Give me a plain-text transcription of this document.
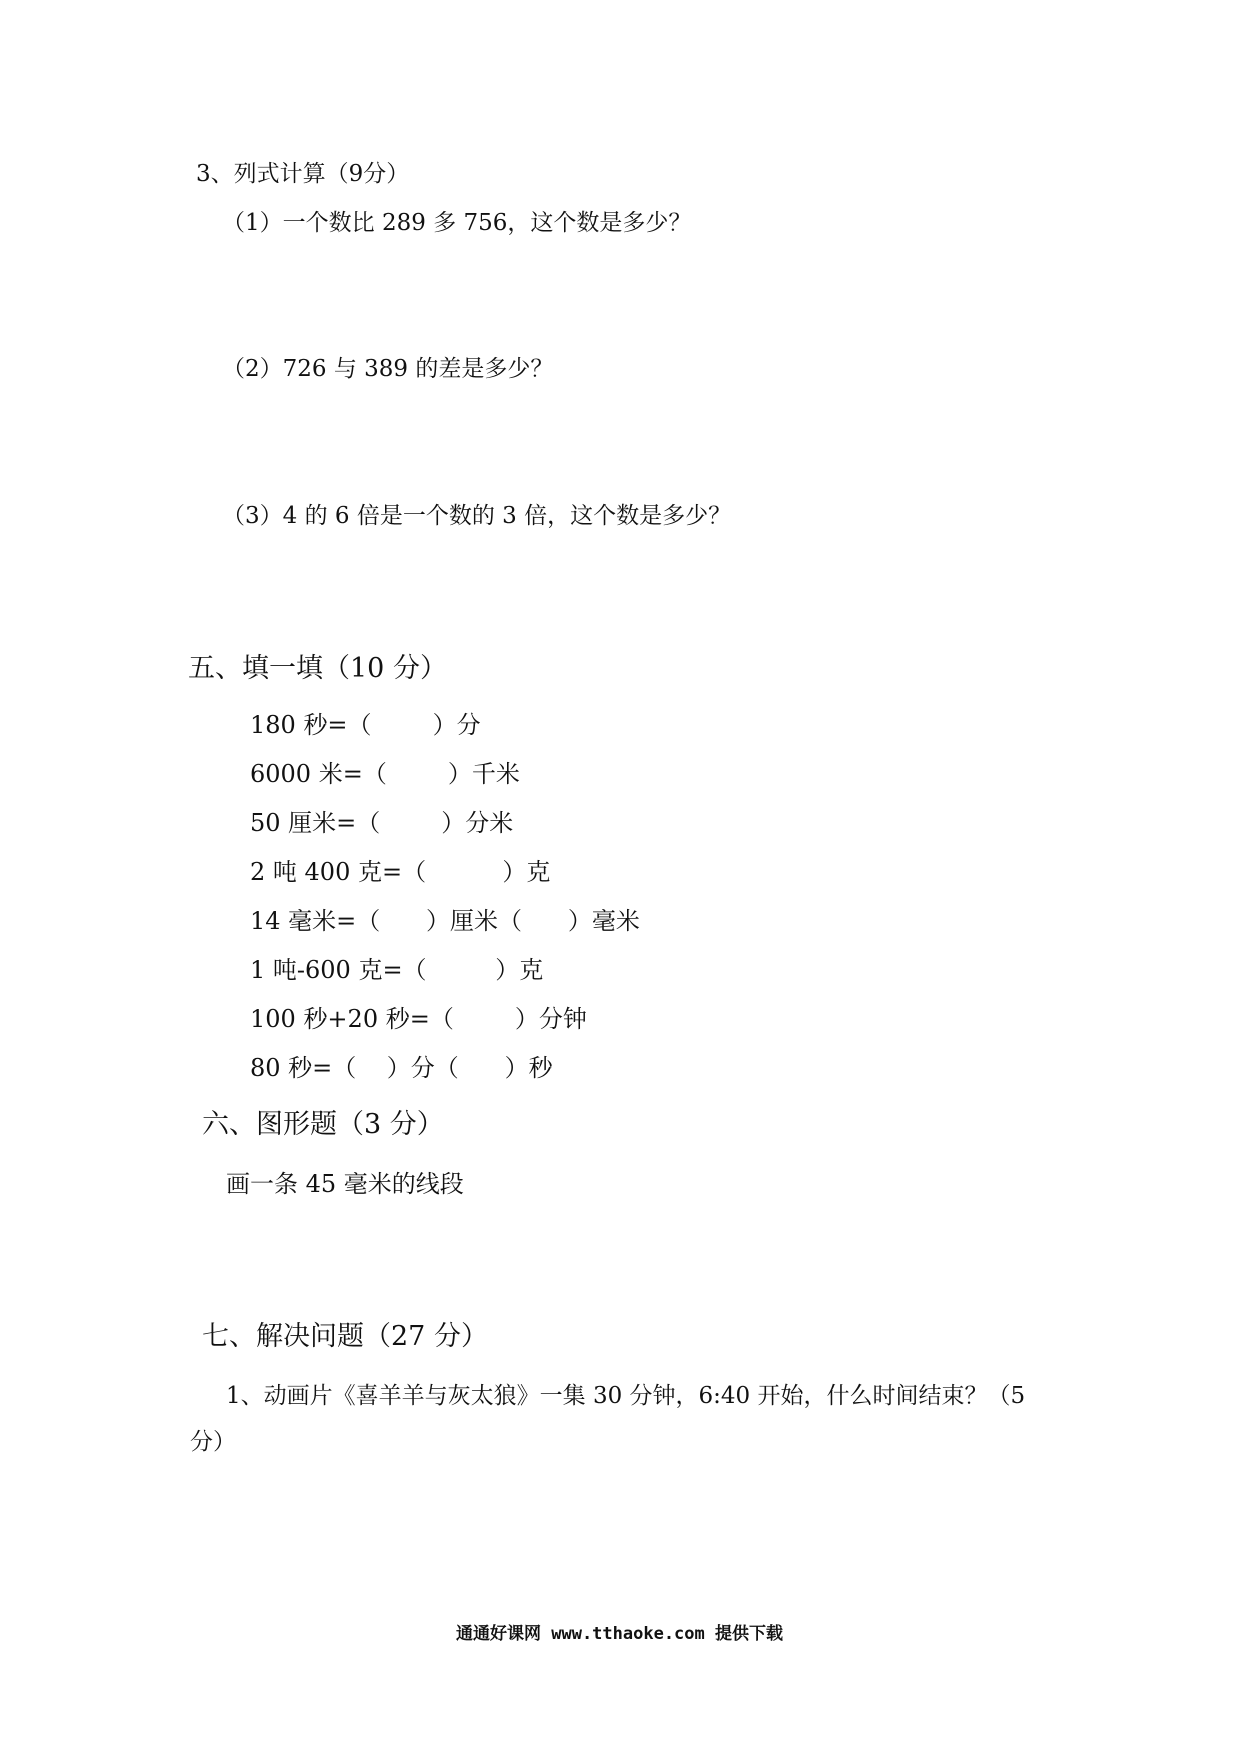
3、列式计算（9分）
（1）一个数比 289 多 756，这个数是多少？
（2）726 与 389 的差是多少？
（3）4 的 6 倍是一个数的 3 倍，这个数是多少？
五、填一填（10 分）
180 秒=（        ）分
6000 米=（        ）千米
50 厘米=（        ）分米
2 吨 400 克=（          ）克
14 毫米=（      ）厘米（      ）毫米
1 吨-600 克=（         ）克
100 秒+20 秒=（        ）分钟
80 秒=（    ）分（      ）秒
六、图形题（3 分）
画一条 45 毫米的线段
七、解决问题（27 分）
1、动画片《喜羊羊与灰太狼》一集 30 分钟，6:40 开始，什么时间结束？（5
分）
通通好课网 www.tthaoke.com 提供下载
